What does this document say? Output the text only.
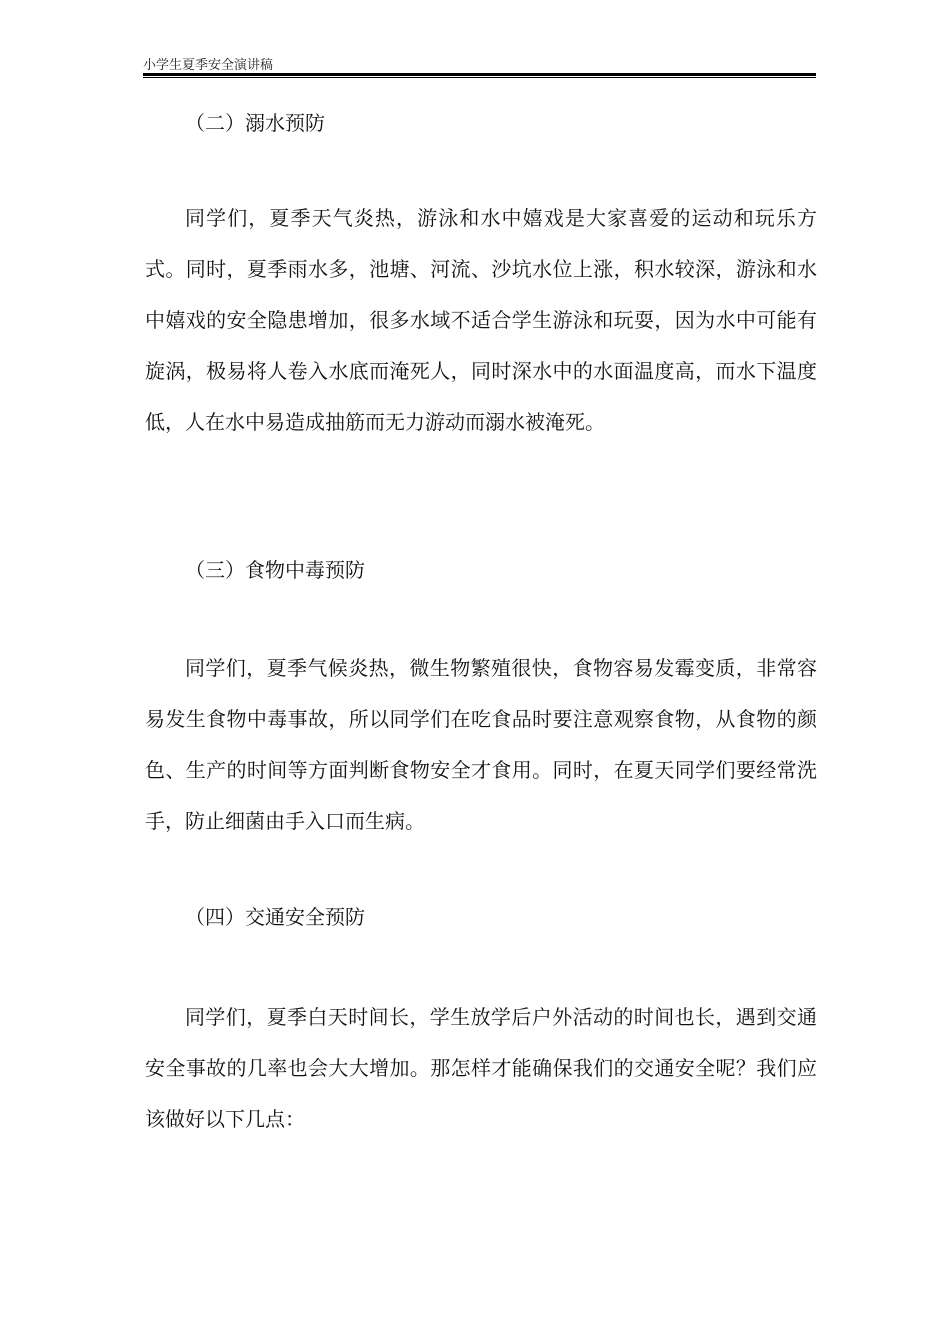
小学生夏季安全演讲稿
（二）溺水预防
同学们，夏季天气炎热，游泳和水中嬉戏是大家喜爱的运动和玩乐方式。同时，夏季雨水多，池塘、河流、沙坑水位上涨，积水较深，游泳和水中嬉戏的安全隐患增加，很多水域不适合学生游泳和玩耍，因为水中可能有旋涡，极易将人卷入水底而淹死人，同时深水中的水面温度高，而水下温度低，人在水中易造成抽筋而无力游动而溺水被淹死。
（三）食物中毒预防
同学们，夏季气候炎热，微生物繁殖很快，食物容易发霉变质，非常容易发生食物中毒事故，所以同学们在吃食品时要注意观察食物，从食物的颜色、生产的时间等方面判断食物安全才食用。同时，在夏天同学们要经常洗手，防止细菌由手入口而生病。
（四）交通安全预防
同学们，夏季白天时间长，学生放学后户外活动的时间也长，遇到交通安全事故的几率也会大大增加。那怎样才能确保我们的交通安全呢？我们应该做好以下几点：
